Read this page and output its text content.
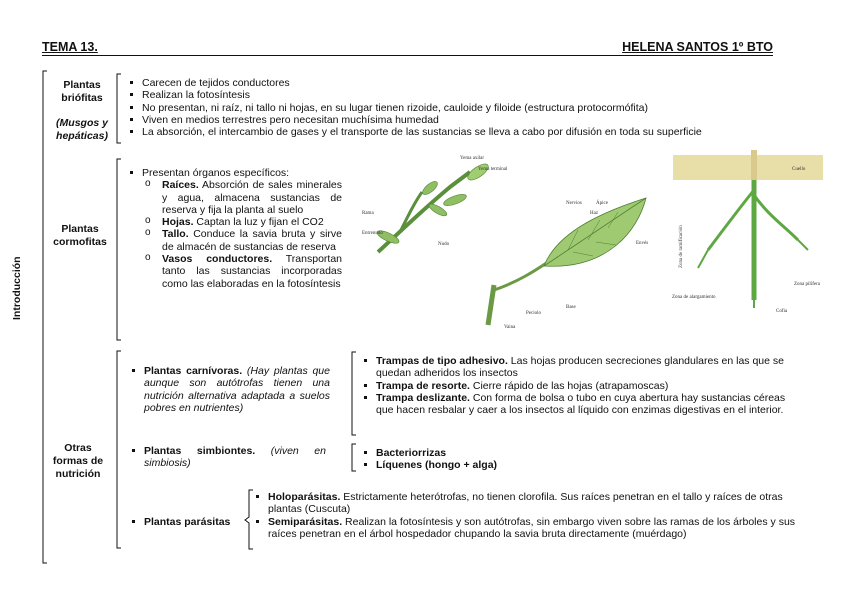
TEMA 13.	HELENA SANTOS 1º BTO
Introducción
Plantas
briófitas
(Musgos y
hepáticas)
Carecen de tejidos conductores
Realizan la fotosíntesis
No presentan, ni raíz, ni tallo ni hojas, en su lugar tienen rizoide, cauloide y filoide (estructura protocormófita)
Viven en medios terrestres pero necesitan muchísima humedad
La absorción, el intercambio de gases y el transporte de las sustancias se lleva a cabo por difusión en toda su superficie
Plantas
cormofitas
Presentan órganos específicos:
o Raíces. Absorción de sales minerales y agua, almacena sustancias de reserva y fija la planta al suelo
o Hojas. Captan la luz y fijan el CO2
o Tallo. Conduce la savia bruta y sirve de almacén de sustancias de reserva
o Vasos conductores. Transportan tanto las sustancias incorporadas como las elaboradas en la fotosíntesis
Yema axilar
Yema terminal
Rama
Entrenudo
Nudo
Ápice
Nervios
Haz
Envés
Base
Peciolo
Vaina
Cuello
Zona de ramificación
Zona pilífera
Zona de alargamiento
Cofia
Otras
formas de
nutrición
Plantas carnívoras. (Hay plantas que aunque son autótrofas tienen una nutrición alternativa adaptada a suelos pobres en nutrientes)
Trampas de tipo adhesivo. Las hojas producen secreciones glandulares en las que se quedan adheridos los insectos
Trampa de resorte. Cierre rápido de las hojas (atrapamoscas)
Trampa deslizante. Con forma de bolsa o tubo en cuya abertura hay sustancias céreas que hacen resbalar y caer a los insectos al líquido con enzimas digestivas en el interior.
Plantas simbiontes. (viven en simbiosis)
Bacteriorrizas
Líquenes (hongo + alga)
Plantas parásitas
Holoparásitas. Estrictamente heterótrofas, no tienen clorofila. Sus raíces penetran en el tallo y raíces de otras plantas (Cuscuta)
Semiparásitas. Realizan la fotosíntesis y son autótrofas, sin embargo viven sobre las ramas de los árboles y sus raíces penetran en el árbol hospedador chupando la savia bruta directamente (muérdago)
